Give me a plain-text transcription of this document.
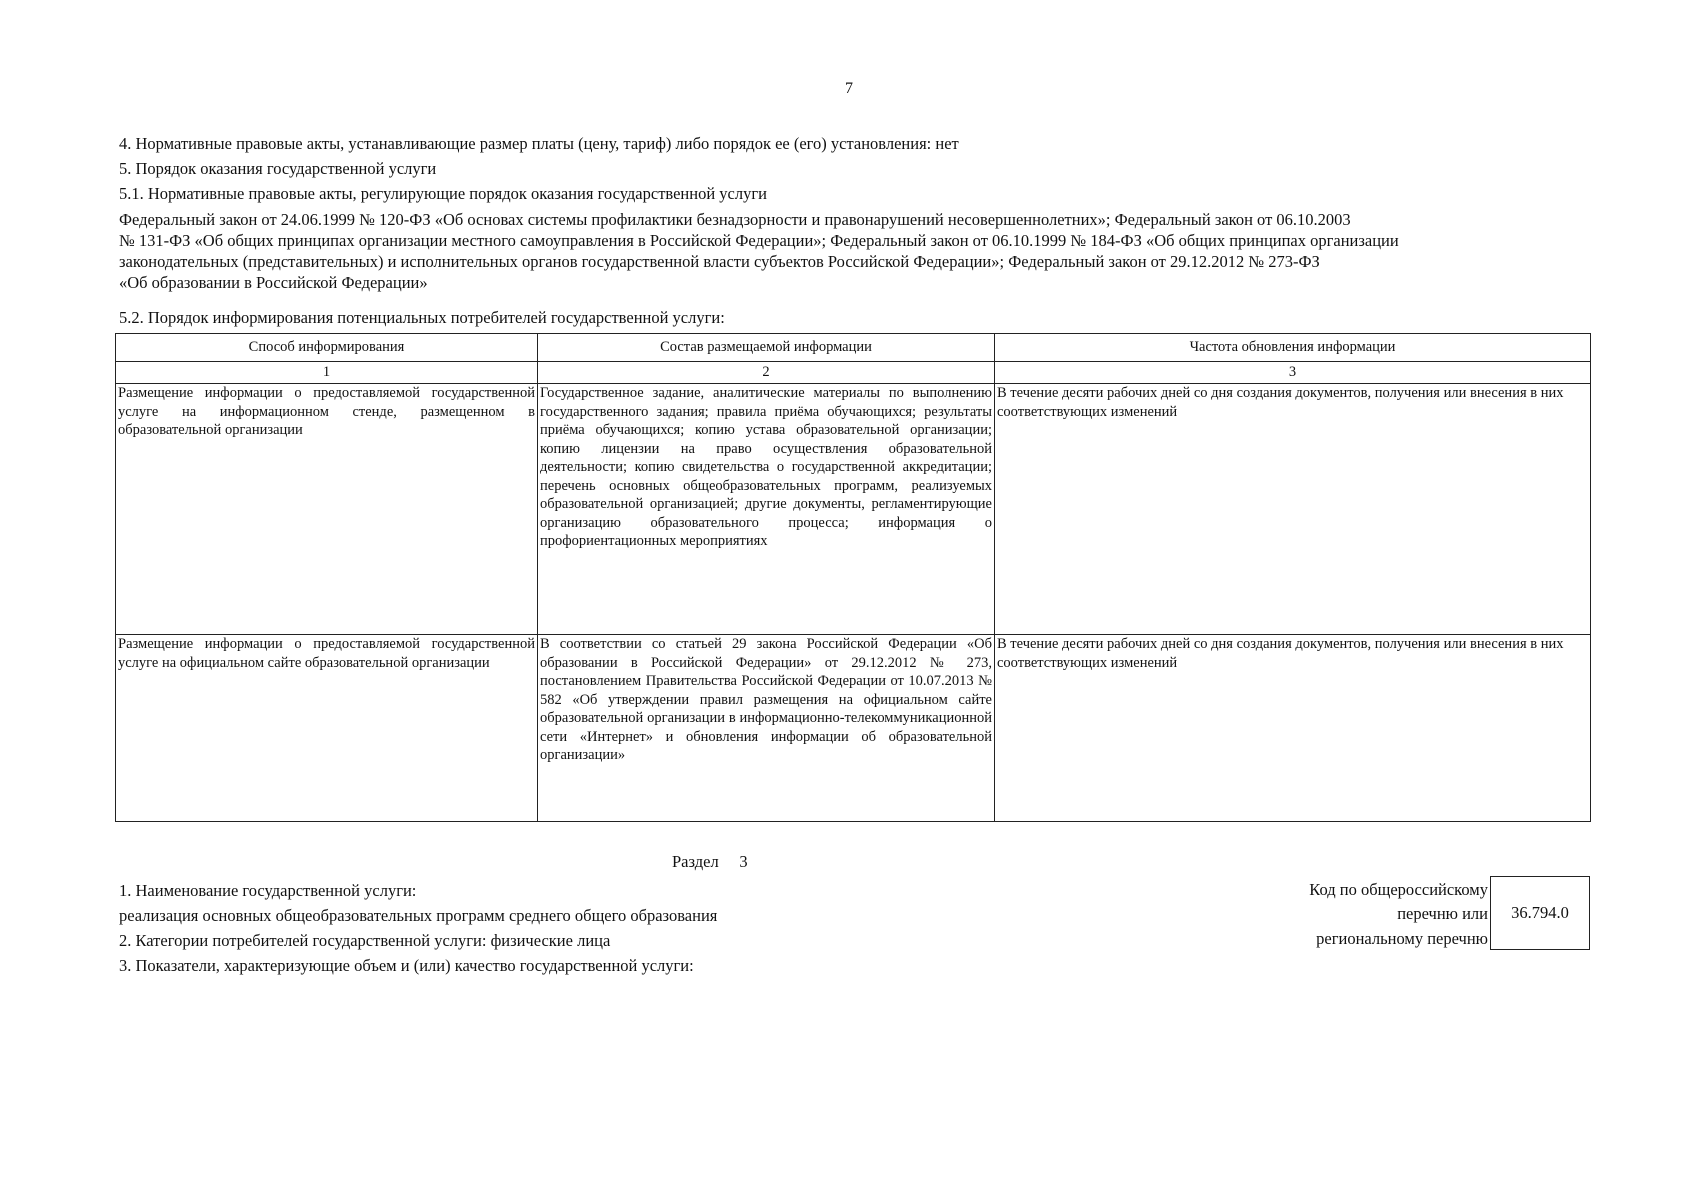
7
4. Нормативные правовые акты, устанавливающие размер платы (цену, тариф) либо порядок ее (его) установления: нет
5. Порядок оказания государственной услуги
5.1. Нормативные правовые акты, регулирующие порядок оказания государственной услуги
Федеральный закон от 24.06.1999 № 120-ФЗ «Об основах системы профилактики безнадзорности и правонарушений несовершеннолетних»; Федеральный закон от 06.10.2003
№ 131-ФЗ «Об общих принципах организации местного самоуправления в Российской Федерации»; Федеральный закон от 06.10.1999 № 184-ФЗ «Об общих принципах организации
законодательных (представительных) и исполнительных органов государственной власти субъектов Российской Федерации»; Федеральный закон от 29.12.2012 № 273-ФЗ
«Об образовании в Российской Федерации»
5.2. Порядок информирования потенциальных потребителей государственной услуги:
Способ информирования	Состав размещаемой информации	Частота обновления информации
1	2	3
Размещение информации о предоставляемой государственной услуге на информационном стенде, размещенном в образовательной организации	Государственное задание, аналитические материалы по выполнению государственного задания; правила приёма обучающихся; результаты приёма обучающихся; копию устава образовательной организации; копию лицензии на право осуществления образовательной деятельности; копию свидетельства о государственной аккредитации; перечень основных общеобразовательных программ, реализуемых образовательной организацией; другие документы, регламентирующие организацию образовательного процесса; информация о профориентационных мероприятиях	В течение десяти рабочих дней со дня создания документов, получения или внесения в них соответствующих изменений
Размещение информации о предоставляемой государственной услуге на официальном сайте образовательной организации	В соответствии со статьей 29 закона Российской Федерации «Об образовании в Российской Федерации» от 29.12.2012 № 273, постановлением Правительства Российской Федерации от 10.07.2013 № 582 «Об утверждении правил размещения на официальном сайте образовательной организации в информационно-телекоммуникационной сети «Интернет» и обновления информации об образовательной организации»	В течение десяти рабочих дней со дня создания документов, получения или внесения в них соответствующих изменений
Раздел 3
1. Наименование государственной услуги:
реализация основных общеобразовательных программ среднего общего образования
2. Категории потребителей государственной услуги: физические лица
3. Показатели, характеризующие объем и (или) качество государственной услуги:
Код по общероссийскому
перечню или
региональному перечню
36.794.0
